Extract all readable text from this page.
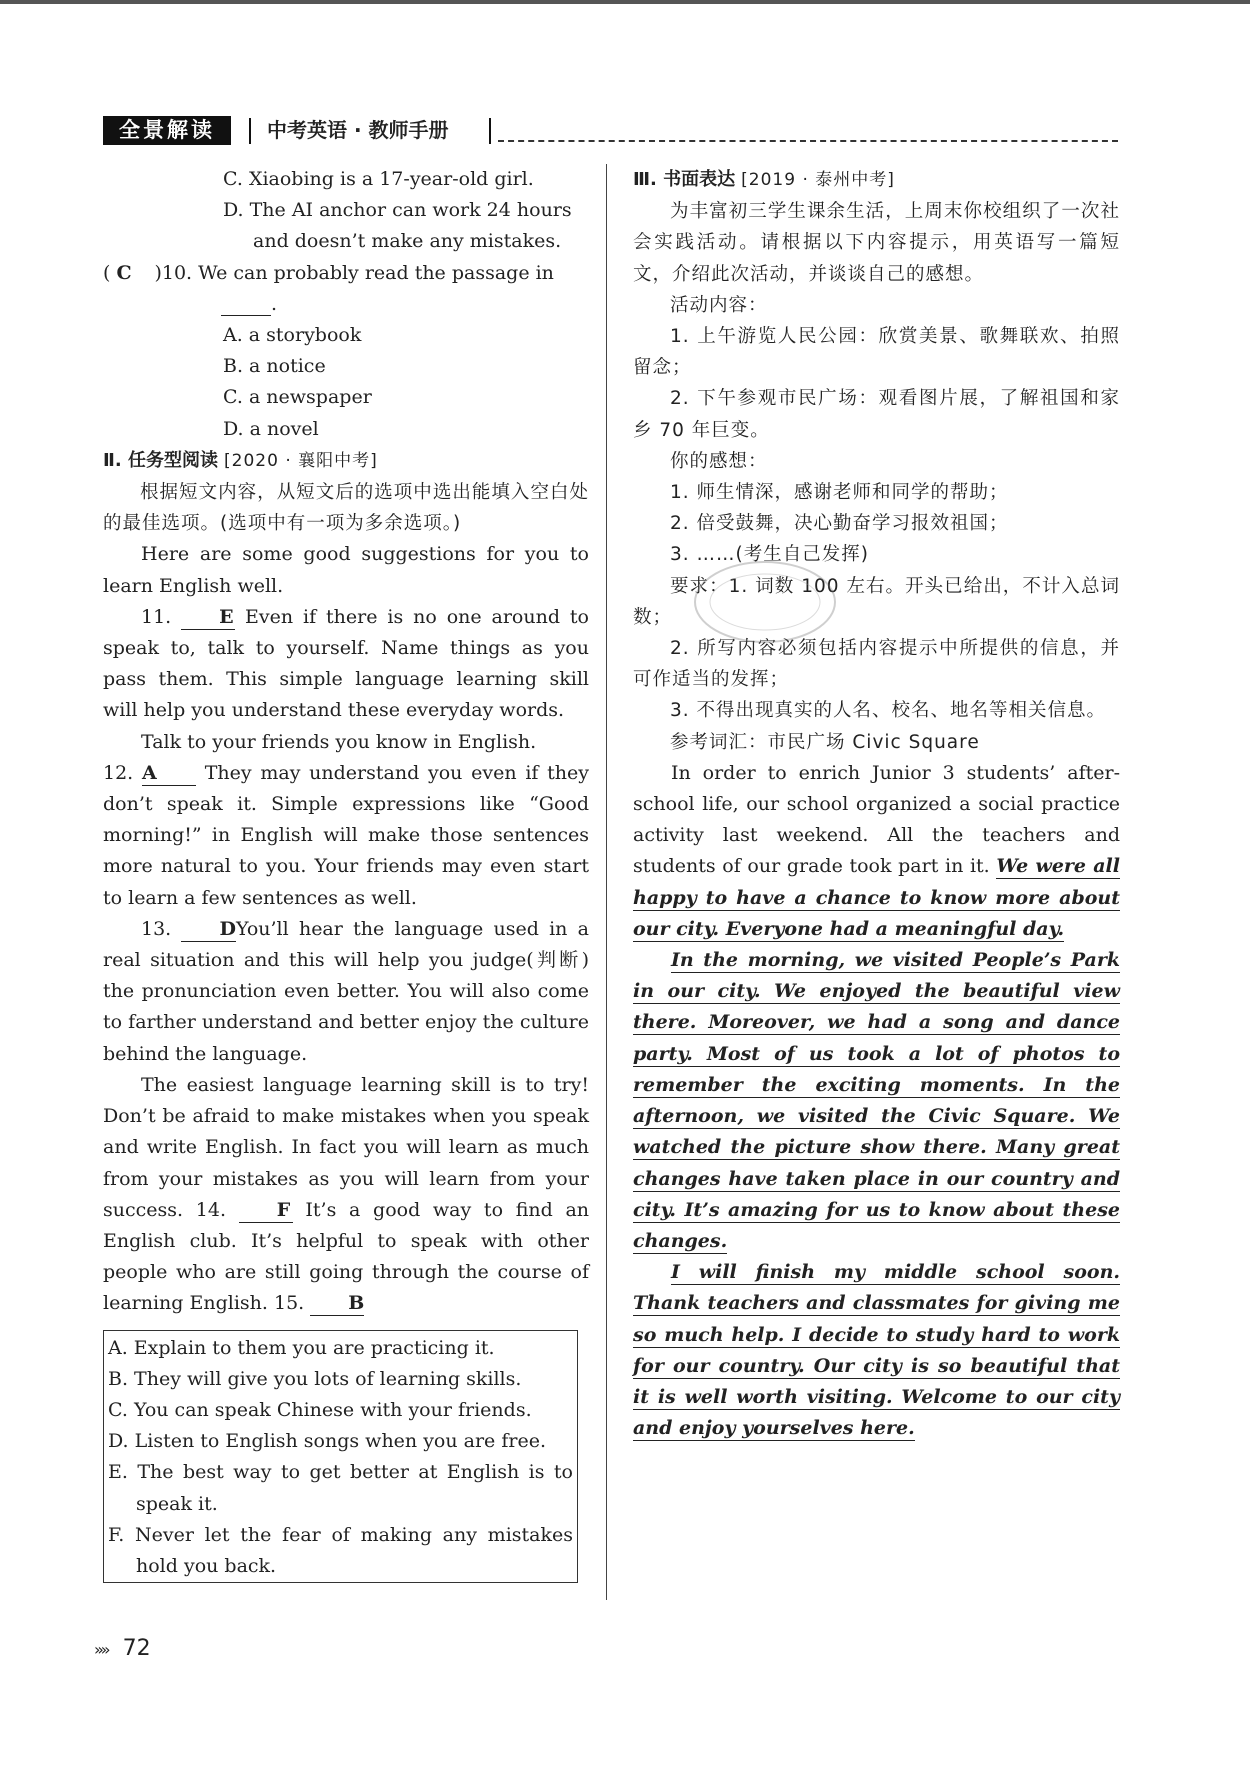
全景解读	中考英语 · 教师手册

C. Xiaobing is a 17-year-old girl.

D. The AI anchor can work 24 hours

and doesn’t make any mistakes.

( C )10. We can probably read the passage in

.

A. a storybook

B. a notice

C. a newspaper

D. a novel

Ⅱ. 任务型阅读 [2020 · 襄阳中考]

根据短文内容，从短文后的选项中选出能填入空白处的最佳选项。(选项中有一项为多余选项。)

Here are some good suggestions for you to learn English well.

11.	E Even if there is no one around to speak to, talk to yourself. Name things as you pass them. This simple language learning skill will help you understand these everyday words.

Talk to your friends you know in English.

12. A	They may understand you even if they don’t speak it. Simple expressions like “Good morning!” in English will make those sentences more natural to you. Your friends may even start to learn a few sentences as well.

13.	DYou’ll hear the language used in a real situation and this will help you judge(判断) the pronunciation even better. You will also come to farther understand and better enjoy the culture behind the language.

The easiest language learning skill is to try! Don’t be afraid to make mistakes when you speak and write English. In fact you will learn as much from your mistakes as you will learn from your success. 14.	F It’s a good way to find an English club. It’s helpful to speak with other people who are still going through the course of learning English. 15. B

A. Explain to them you are practicing it.

B. They will give you lots of learning skills.

C. You can speak Chinese with your friends.

D. Listen to English songs when you are free.

E. The best way to get better at English is to speak it.

F. Never let the fear of making any mistakes hold you back.

Ⅲ. 书面表达 [2019 · 泰州中考]

为丰富初三学生课余生活，上周末你校组织了一次社会实践活动。请根据以下内容提示，用英语写一篇短文，介绍此次活动，并谈谈自己的感想。

活动内容：

1. 上午游览人民公园：欣赏美景、歌舞联欢、拍照留念；

2. 下午参观市民广场：观看图片展，了解祖国和家乡 70 年巨变。

你的感想：

1. 师生情深，感谢老师和同学的帮助；

2. 倍受鼓舞，决心勤奋学习报效祖国；

3. ……(考生自己发挥)

要求：1. 词数 100 左右。开头已给出，不计入总词数；

2. 所写内容必须包括内容提示中所提供的信息，并可作适当的发挥；

3. 不得出现真实的人名、校名、地名等相关信息。

参考词汇：市民广场 Civic Square

In order to enrich Junior 3 students’ after-school life, our school organized a social practice activity last weekend. All the teachers and students of our grade took part in it. We were all happy to have a chance to know more about our city. Everyone had a meaningful day.

In the morning, we visited People’s Park in our city. We enjoyed the beautiful view there. Moreover, we had a song and dance party. Most of us took a lot of photos to remember the exciting moments. In the afternoon, we visited the Civic Square. We watched the picture show there. Many great changes have taken place in our country and city. It’s amazing for us to know about these changes.

I will finish my middle school soon. Thank teachers and classmates for giving me so much help. I decide to study hard to work for our country. Our city is so beautiful that it is well worth visiting. Welcome to our city and enjoy yourselves here.

»» 72
